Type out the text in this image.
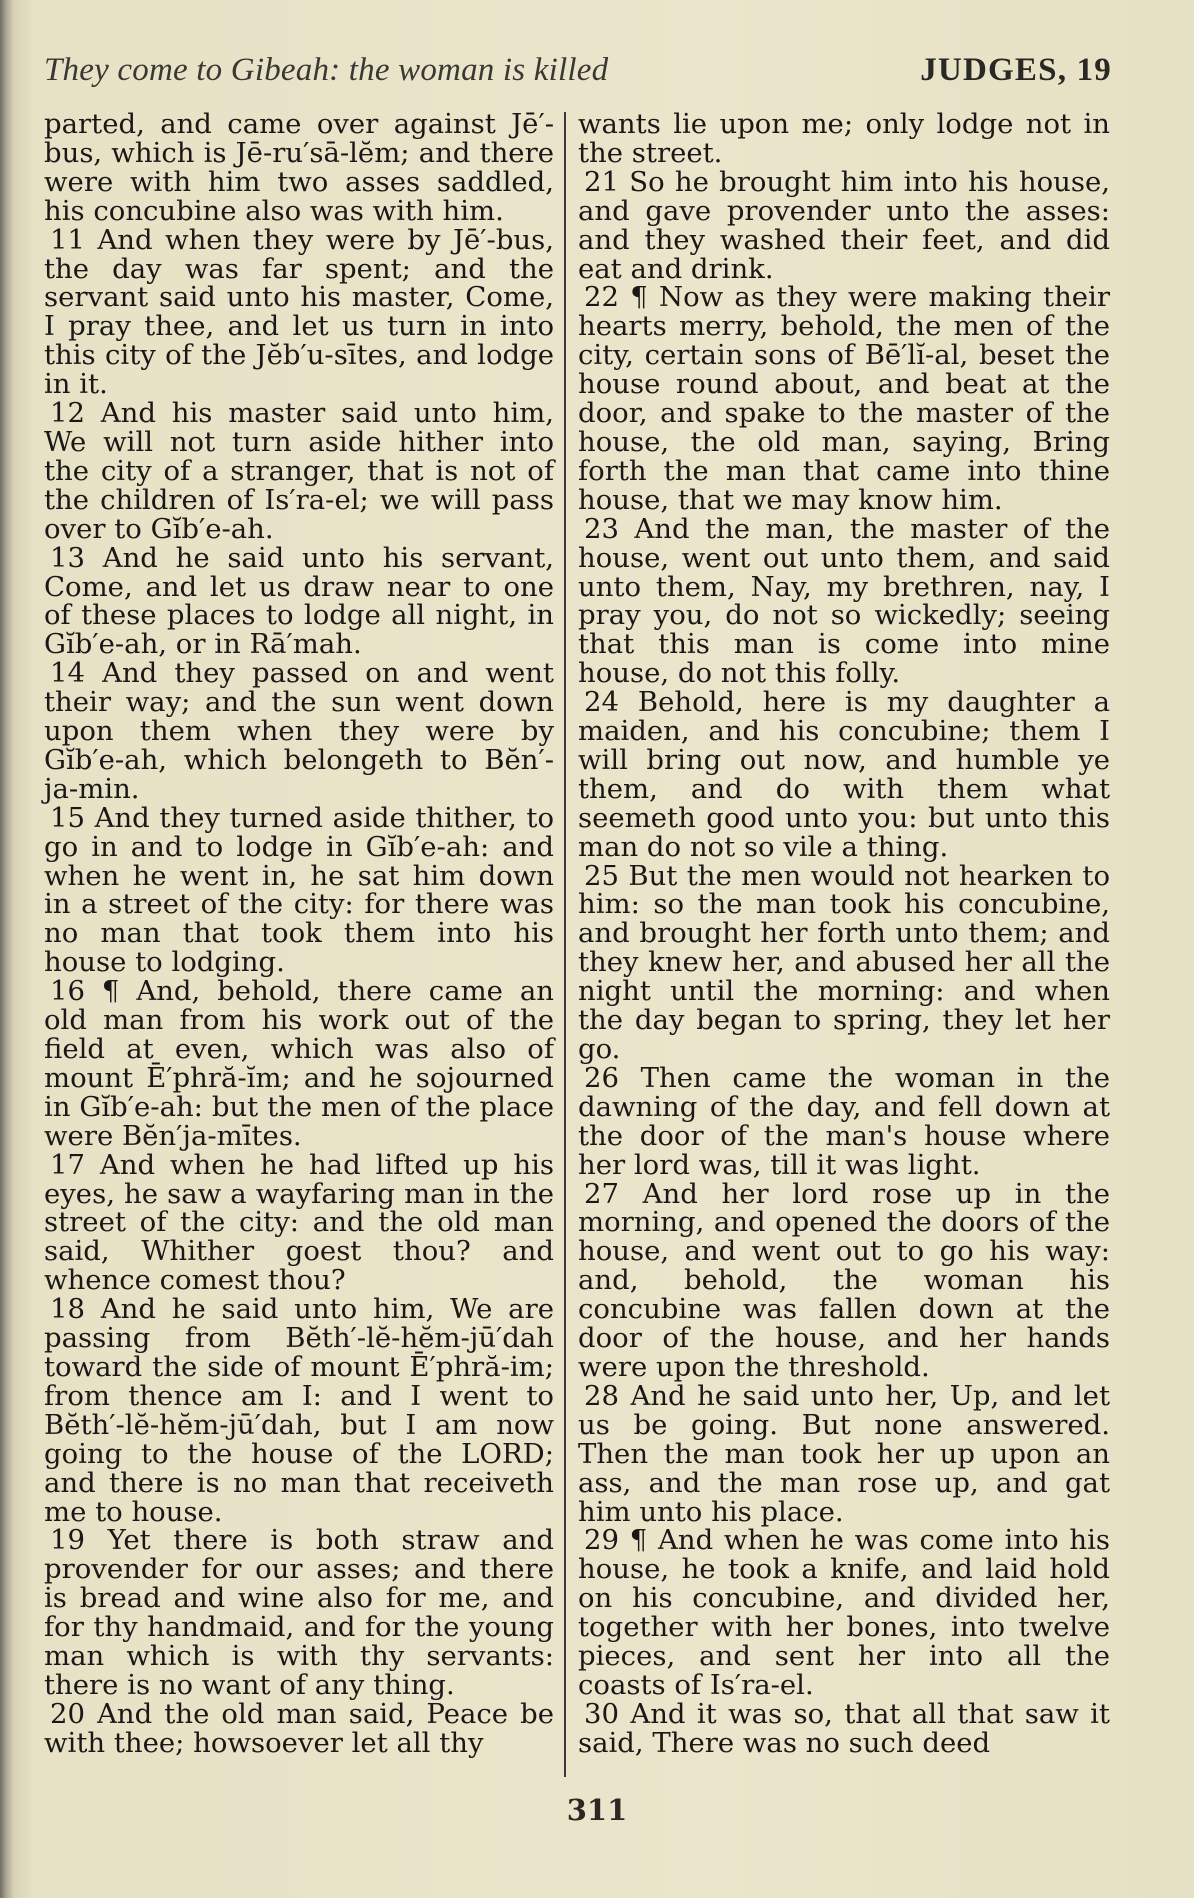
They come to Gibeah: the woman is killed	JUDGES, 19

parted, and came over against Jē′-bus, which is Jē-ru′sā-lĕm; and there were with him two asses saddled, his concubine also was with him.

11 And when they were by Jē′-bus, the day was far spent; and the servant said unto his master, Come, I pray thee, and let us turn in into this city of the Jĕb′u-sītes, and lodge in it.

12 And his master said unto him, We will not turn aside hither into the city of a stranger, that is not of the children of Is′ra-el; we will pass over to Gĭb′e-ah.

13 And he said unto his servant, Come, and let us draw near to one of these places to lodge all night, in Gĭb′e-ah, or in Rā′mah.

14 And they passed on and went their way; and the sun went down upon them when they were by Gĭb′e-ah, which belongeth to Bĕn′-ja-min.

15 And they turned aside thither, to go in and to lodge in Gĭb′e-ah: and when he went in, he sat him down in a street of the city: for there was no man that took them into his house to lodging.

16 ¶ And, behold, there came an old man from his work out of the field at even, which was also of mount Ē′phră-ĭm; and he sojourned in Gĭb′e-ah: but the men of the place were Bĕn′ja-mītes.

17 And when he had lifted up his eyes, he saw a wayfaring man in the street of the city: and the old man said, Whither goest thou? and whence comest thou?

18 And he said unto him, We are passing from Bĕth′-lĕ-hĕm-jū′dah toward the side of mount Ē′phră-im; from thence am I: and I went to Bĕth′-lĕ-hĕm-jū′dah, but I am now going to the house of the LORD; and there is no man that receiveth me to house.

19 Yet there is both straw and provender for our asses; and there is bread and wine also for me, and for thy handmaid, and for the young man which is with thy servants: there is no want of any thing.

20 And the old man said, Peace be with thee; howsoever let all thy

wants lie upon me; only lodge not in the street.

21 So he brought him into his house, and gave provender unto the asses: and they washed their feet, and did eat and drink.

22 ¶ Now as they were making their hearts merry, behold, the men of the city, certain sons of Bē′lĭ-al, beset the house round about, and beat at the door, and spake to the master of the house, the old man, saying, Bring forth the man that came into thine house, that we may know him.

23 And the man, the master of the house, went out unto them, and said unto them, Nay, my brethren, nay, I pray you, do not so wickedly; seeing that this man is come into mine house, do not this folly.

24 Behold, here is my daughter a maiden, and his concubine; them I will bring out now, and humble ye them, and do with them what seemeth good unto you: but unto this man do not so vile a thing.

25 But the men would not hearken to him: so the man took his concubine, and brought her forth unto them; and they knew her, and abused her all the night until the morning: and when the day began to spring, they let her go.

26 Then came the woman in the dawning of the day, and fell down at the door of the man's house where her lord was, till it was light.

27 And her lord rose up in the morning, and opened the doors of the house, and went out to go his way: and, behold, the woman his concubine was fallen down at the door of the house, and her hands were upon the threshold.

28 And he said unto her, Up, and let us be going. But none answered. Then the man took her up upon an ass, and the man rose up, and gat him unto his place.

29 ¶ And when he was come into his house, he took a knife, and laid hold on his concubine, and divided her, together with her bones, into twelve pieces, and sent her into all the coasts of Is′ra-el.

30 And it was so, that all that saw it said, There was no such deed

311
